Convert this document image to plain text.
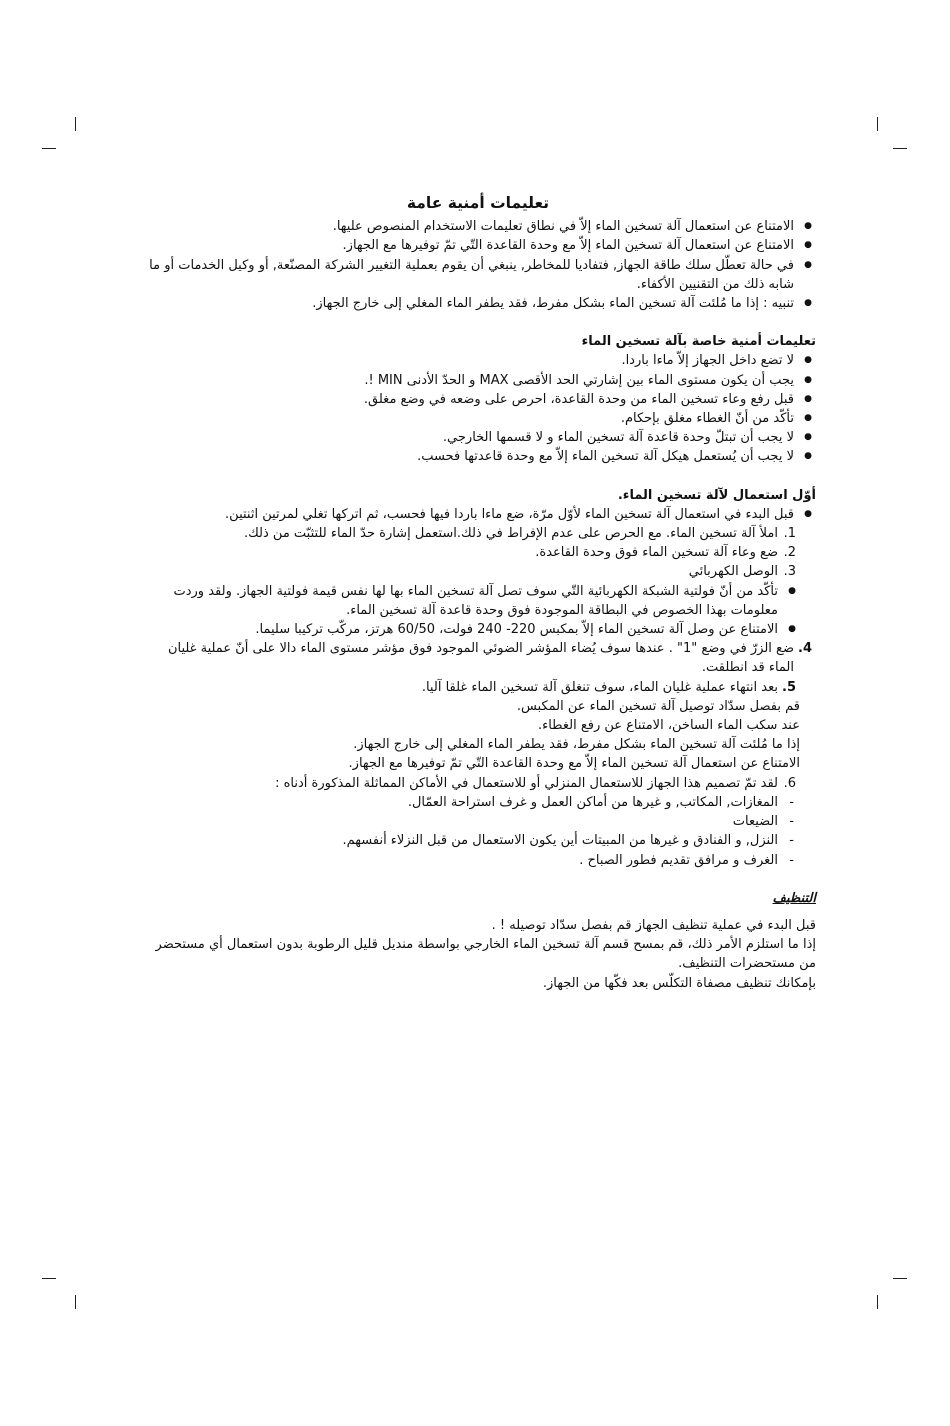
تعليمات أمنية عامة

● الامتناع عن استعمال آلة تسخين الماء إلاّ في نطاق تعليمات الاستخدام المنصوص عليها.

● الامتناع عن استعمال آلة تسخين الماء إلاّ مع وحدة القاعدة التّي تمّ توفيرها مع الجهاز.

● في حالة تعطّل سلك طاقة الجهاز, فتفاديا للمخاطر, ينبغي أن يقوم بعملية التغيير الشركة المصنّعة, أو وكيل الخدمات أو ما شابه ذلك من التقنيين الأكفاء.

● تنبيه : إذا ما مُلئت آلة تسخين الماء بشكل مفرط، فقد يطفر الماء المغلي إلى خارج الجهاز.

تعليمات أمنية خاصة بآلة تسخين الماء

● لا تضع داخل الجهاز إلاّ ماءا باردا.

● يجب أن يكون مستوى الماء بين إشارتي الحد الأقصى MAX و الحدّ الأدنى MIN !.

● قبل رفع وعاء تسخين الماء من وحدة القاعدة، احرص على وضعه في وضع مغلق.

● تأكّد من أنّ الغطاء مغلق بإحكام.

● لا يجب أن تبتلّ وحدة قاعدة آلة تسخين الماء و لا قسمها الخارجي.

● لا يجب أن يُستعمل هيكل آلة تسخين الماء إلاّ مع وحدة قاعدتها فحسب.

أوّل استعمال لآلة تسخين الماء.

● قبل البدء في استعمال آلة تسخين الماء لأوّل مرّة، ضع ماءا باردا فيها فحسب، ثم اتركها تغلي لمرتين اثنتين.

1.
املأ آلة تسخين الماء. مع الحرص على عدم الإفراط في ذلك.استعمل إشارة حدّ الماء للتثبّت من ذلك.

2.
ضع وعاء آلة تسخين الماء فوق وحدة القاعدة.

3.
الوصل الكهربائي

● تأكّد من أنّ فولتية الشبكة الكهربائية التّي سوف تصل آلة تسخين الماء بها لها نفس قيمة فولتية الجهاز. ولقد وردت معلومات بهذا الخصوص في البطاقة الموجودة فوق وحدة قاعدة آلة تسخين الماء.

● الامتناع عن وصل آلة تسخين الماء إلاّ بمكبس 220- 240 فولت، 60/50 هرتز، مركّب تركيبا سليما.

4.
ضع الزرّ في وضع "1" . عندها سوف يُضاء المؤشر الضوئي الموجود فوق مؤشر مستوى الماء دالا على أنّ عملية غليان الماء قد انطلقت.

5.
بعد انتهاء عملية غليان الماء، سوف تنغلق آلة تسخين الماء غلقا آليا.

قم بفصل سدّاد توصيل آلة تسخين الماء عن المكبس.

عند سكب الماء الساخن، الامتناع عن رفع الغطاء.

إذا ما مُلئت آلة تسخين الماء بشكل مفرط، فقد يطفر الماء المغلي إلى خارج الجهاز.

الامتناع عن استعمال آلة تسخين الماء إلاّ مع وحدة القاعدة التّي تمّ توفيرها مع الجهاز.

6.
لقد تمّ تصميم هذا الجهاز للاستعمال المنزلي أو للاستعمال في الأماكن المماثلة المذكورة أدناه :

- المغازات, المكاتب, و غيرها من أماكن العمل و غرف استراحة العمّال.

- الضيعات

- النزل, و الفنادق و غيرها من المبيتات أين يكون الاستعمال من قبل النزلاء أنفسهم.

- الغرف و مرافق تقديم فطور الصباح .

التنظيف

قبل البدء في عملية تنظيف الجهاز قم بفصل سدّاد توصيله ! .

إذا ما استلزم الأمر ذلك، قم بمسح قسم آلة تسخين الماء الخارجي بواسطة منديل قليل الرطوبة بدون استعمال أي مستحضر من مستحضرات التنظيف.

بإمكانك تنظيف مصفاة التكلّس بعد فكّها من الجهاز.
